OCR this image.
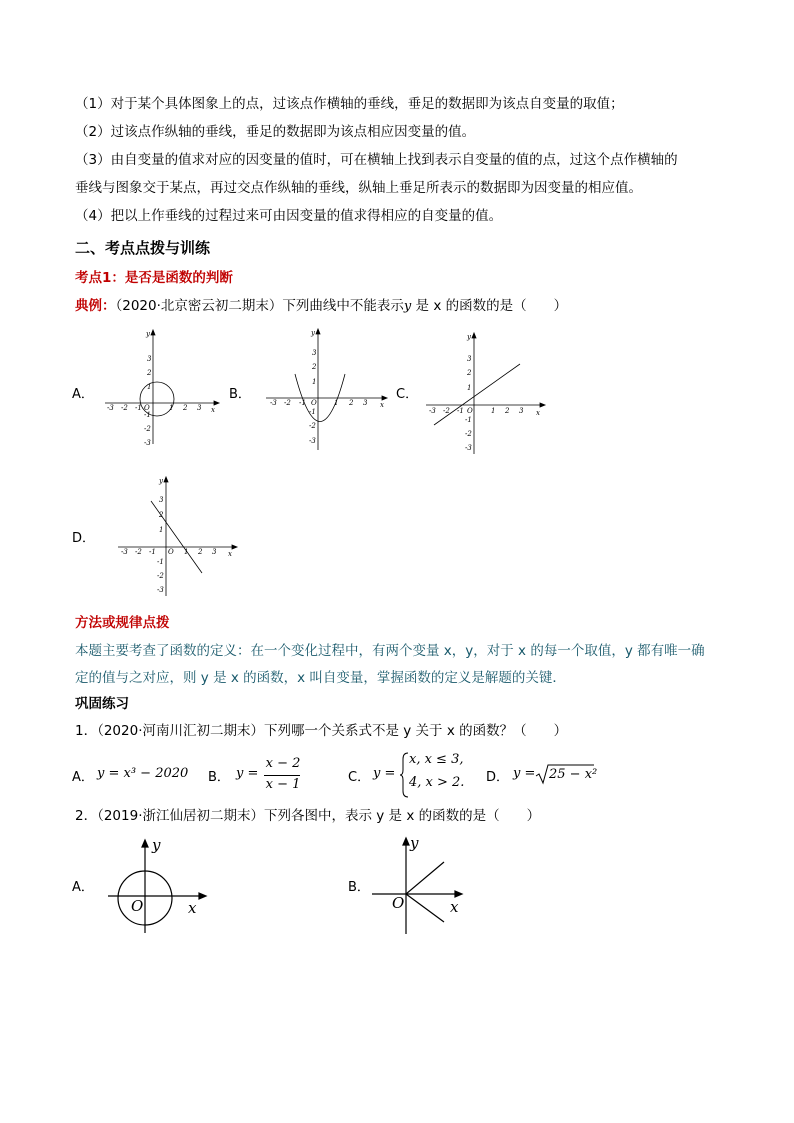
（1）对于某个具体图象上的点，过该点作横轴的垂线，垂足的数据即为该点自变量的取值；
（2）过该点作纵轴的垂线，垂足的数据即为该点相应因变量的值。
（3）由自变量的值求对应的因变量的值时，可在横轴上找到表示自变量的值的点，过这个点作横轴的
垂线与图象交于某点，再过交点作纵轴的垂线，纵轴上垂足所表示的数据即为因变量的相应值。
（4）把以上作垂线的过程过来可由因变量的值求得相应的自变量的值。
二、考点点拨与训练
考点1：是否是函数的判断
典例：（2020·北京密云初二期末）下列曲线中不能表示y 是 x 的函数的是（　　）
A．	B．	C．
D．
-3 -2 -1 O	1 2 3 x
y
3
2
1
-1
-2
-3
-3 -2 -1 O 1 2 3 x
y
3
2
1
-1
-2
-3
-3 -2 -1 O	1 2 3 x
y
3
2
1
-1
-2
-3
-3 -2 -1 O 1 2 3 x
y
3
2
1
-1
-2
-3
方法或规律点拨
本题主要考查了函数的定义：在一个变化过程中，有两个变量 x，y，对于 x 的每一个取值，y 都有唯一确
定的值与之对应，则 y 是 x 的函数，x 叫自变量，掌握函数的定义是解题的关键．
巩固练习
1．（2020·河南川汇初二期末）下列哪一个关系式不是 y 关于 x 的函数？（　　）
A． y = x³ − 2020 B． y =
x − 2
x − 1	C． y =
x, x ≤ 3,
4, x > 2. D． y = 25 − x²
2．（2019·浙江仙居初二期末）下列各图中，表示 y 是 x 的函数的是（　　）
A．
O	x
y
B．
O	x
y
